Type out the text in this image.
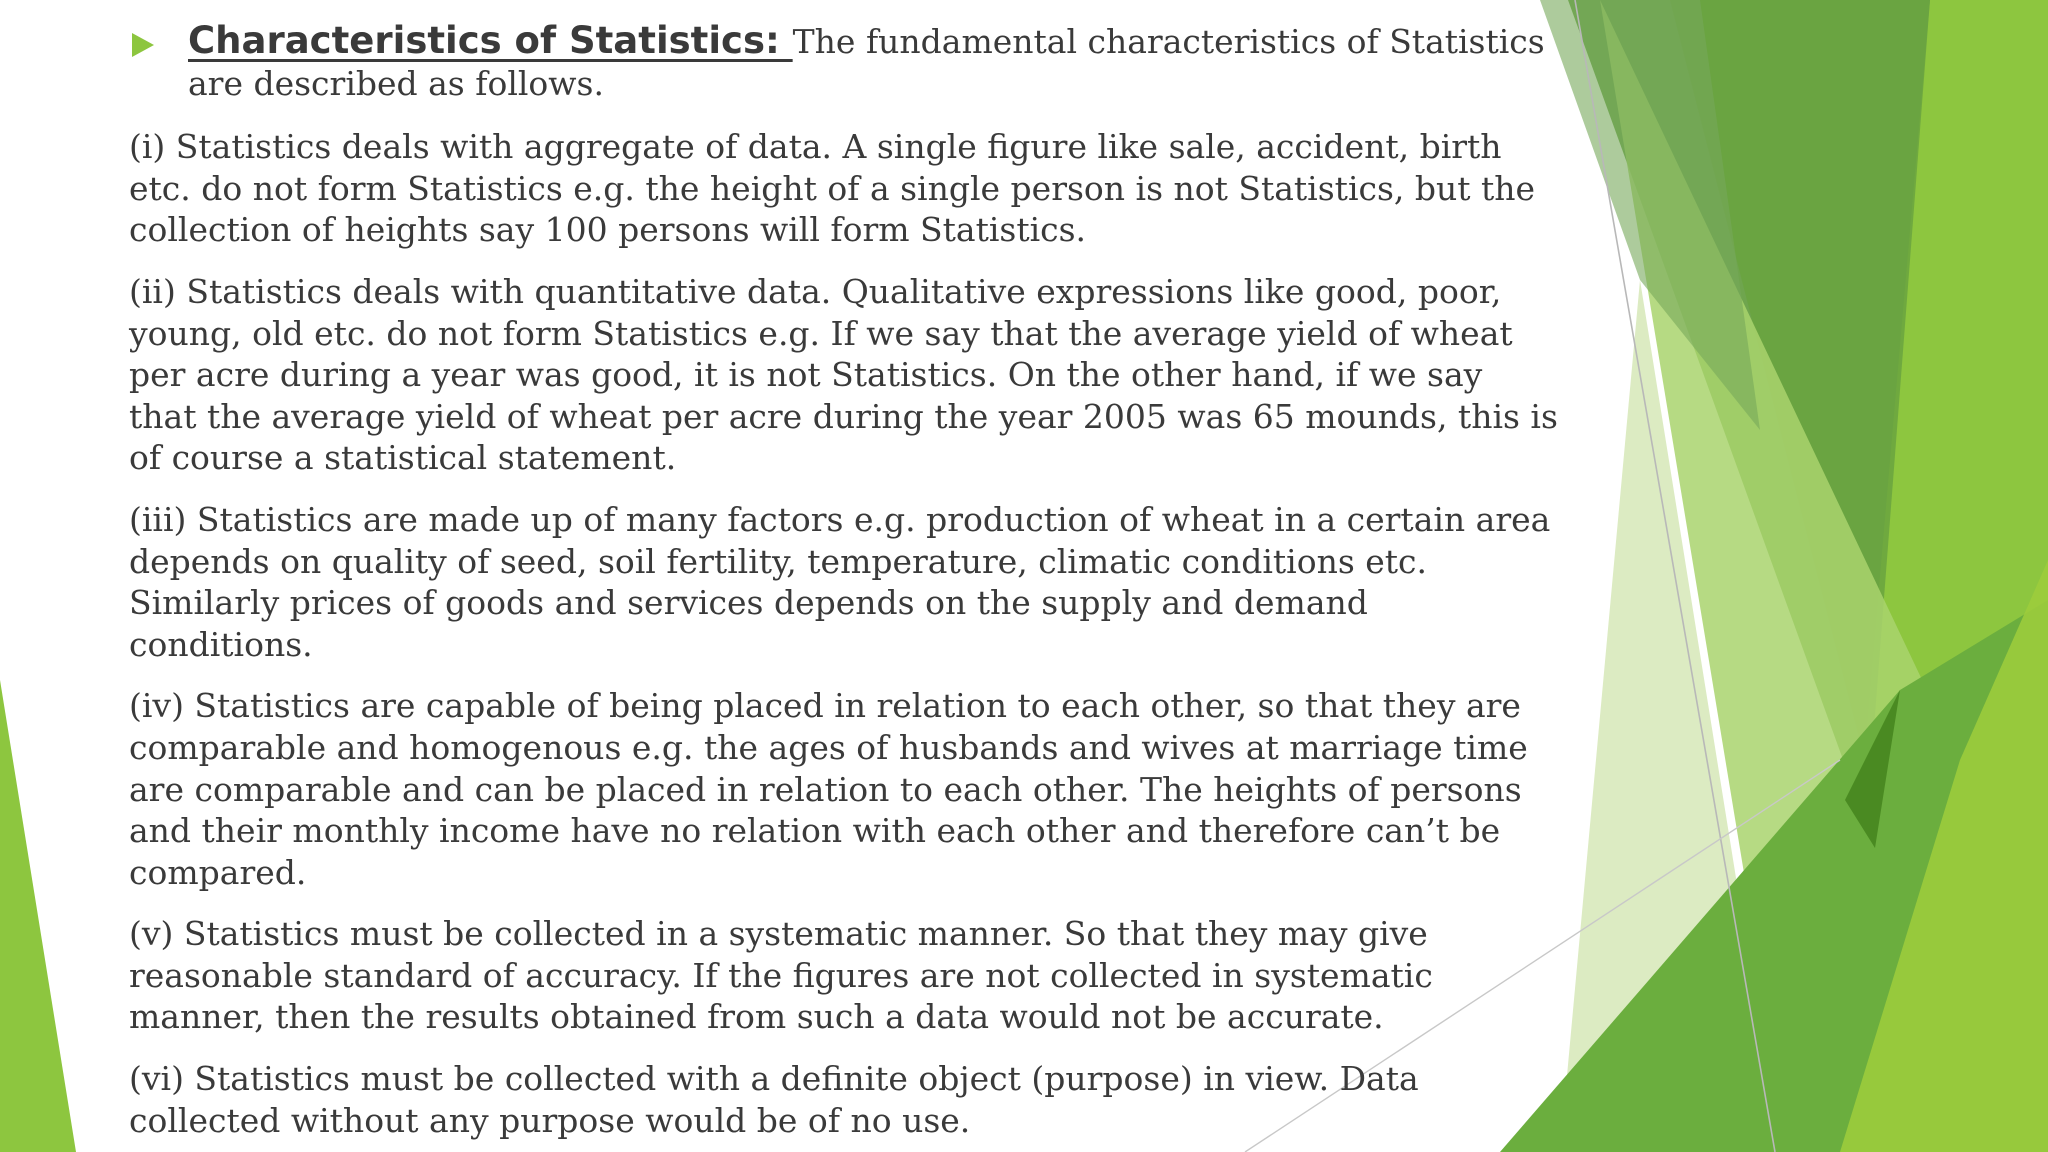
Characteristics of Statistics: The fundamental characteristics of Statistics are described as follows.

(i) Statistics deals with aggregate of data. A single figure like sale, accident, birth etc. do not form Statistics e.g. the height of a single person is not Statistics, but the collection of heights say 100 persons will form Statistics.

(ii) Statistics deals with quantitative data. Qualitative expressions like good, poor, young, old etc. do not form Statistics e.g. If we say that the average yield of wheat per acre during a year was good, it is not Statistics. On the other hand, if we say that the average yield of wheat per acre during the year 2005 was 65 mounds, this is of course a statistical statement.

(iii) Statistics are made up of many factors e.g. production of wheat in a certain area depends on quality of seed, soil fertility, temperature, climatic conditions etc. Similarly prices of goods and services depends on the supply and demand conditions.

(iv) Statistics are capable of being placed in relation to each other, so that they are comparable and homogenous e.g. the ages of husbands and wives at marriage time are comparable and can be placed in relation to each other. The heights of persons and their monthly income have no relation with each other and therefore can’t be compared.

(v) Statistics must be collected in a systematic manner. So that they may give reasonable standard of accuracy. If the figures are not collected in systematic manner, then the results obtained from such a data would not be accurate.

(vi) Statistics must be collected with a definite object (purpose) in view. Data collected without any purpose would be of no use.
